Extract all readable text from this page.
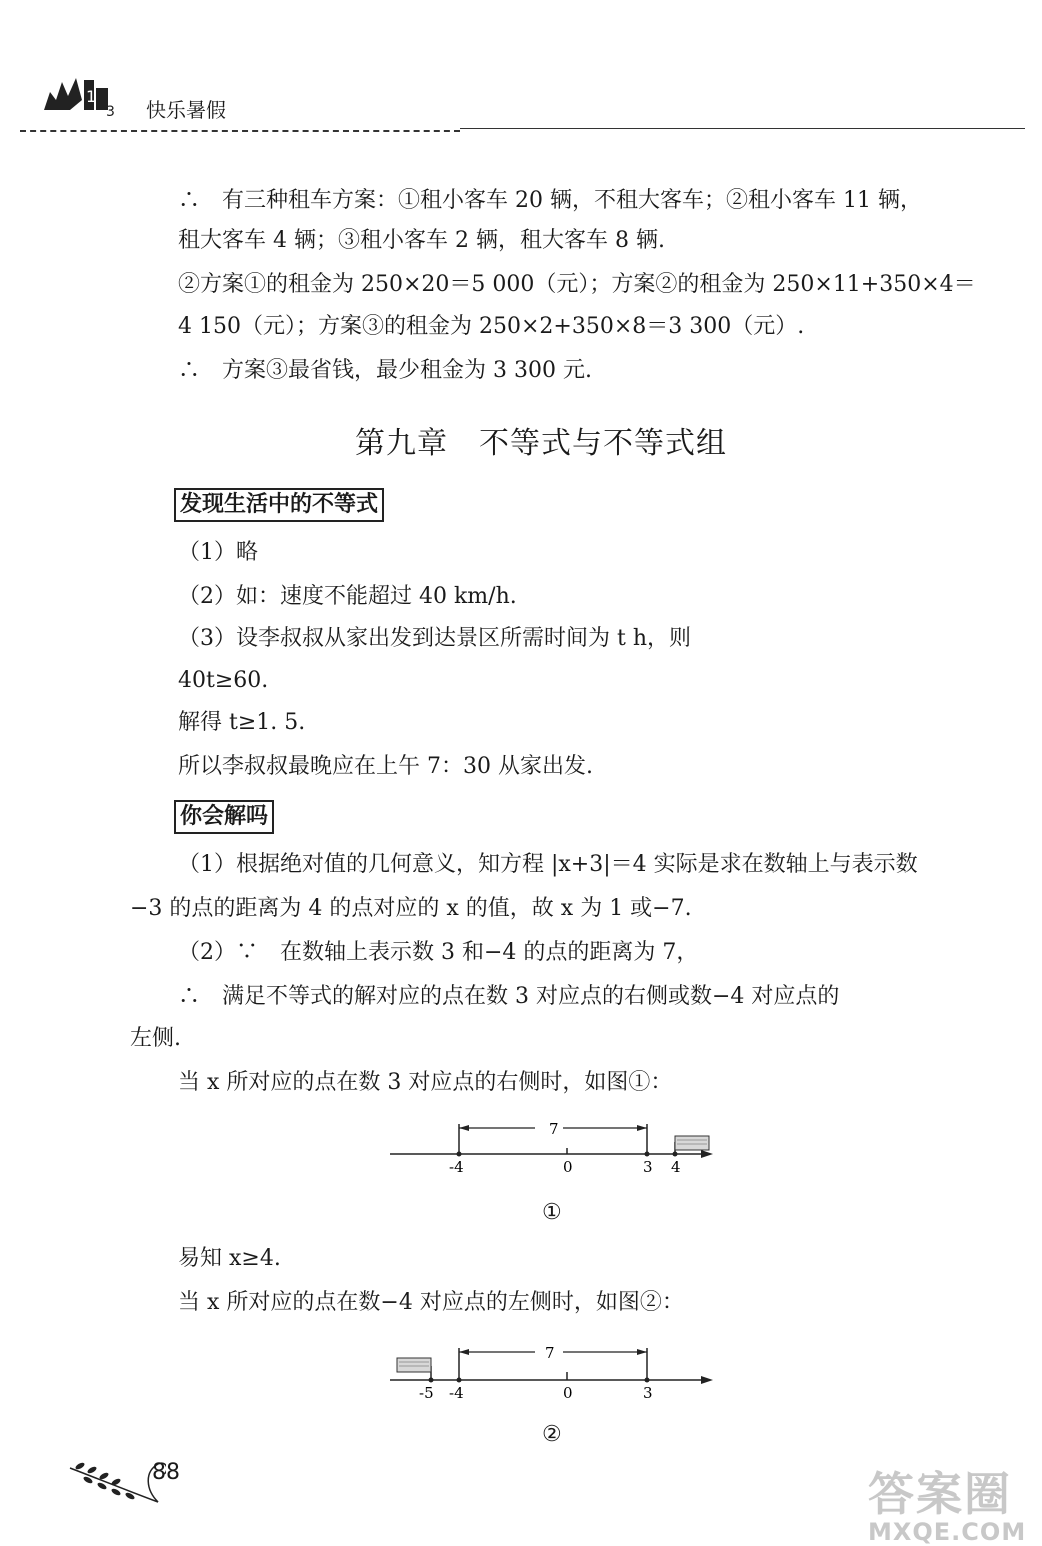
1
3 快乐暑假
∴　有三种租车方案：①租小客车 20 辆，不租大客车；②租小客车 11 辆，
租大客车 4 辆；③租小客车 2 辆，租大客车 8 辆.
②方案①的租金为 250×20＝5 000（元）；方案②的租金为 250×11+350×4＝
4 150（元）；方案③的租金为 250×2+350×8＝3 300（元）.
∴　方案③最省钱，最少租金为 3 300 元.
第九章　不等式与不等式组
发现生活中的不等式
（1）略
（2）如：速度不能超过 40 km/h.
（3）设李叔叔从家出发到达景区所需时间为 t h，则
40t≥60.
解得 t≥1. 5.
所以李叔叔最晚应在上午 7：30 从家出发.
你会解吗
（1）根据绝对值的几何意义，知方程 |x+3|＝4 实际是求在数轴上与表示数
−3 的点的距离为 4 的点对应的 x 的值，故 x 为 1 或−7.
（2）∵　在数轴上表示数 3 和−4 的点的距离为 7，
∴　满足不等式的解对应的点在数 3 对应点的右侧或数−4 对应点的
左侧.
当 x 所对应的点在数 3 对应点的右侧时，如图①：
7
-4	0	3 4
①
易知 x≥4.
当 x 所对应的点在数−4 对应点的左侧时，如图②：
7
-5 -4	0	3
②
88	答案圈
MXQE.COM
